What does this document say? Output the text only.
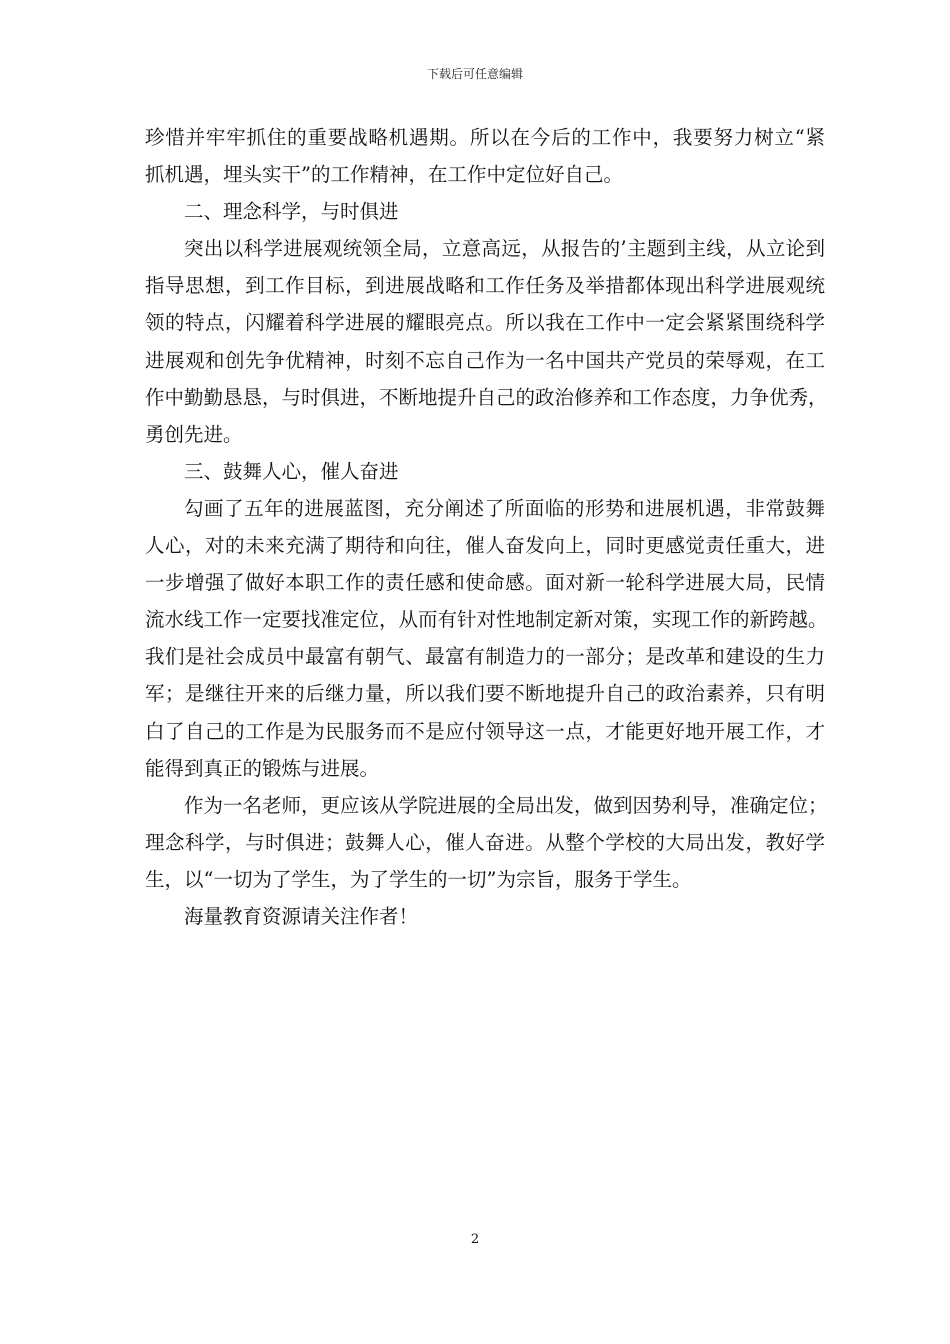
下载后可任意编辑
珍惜并牢牢抓住的重要战略机遇期。所以在今后的工作中，我要努力树立“紧
抓机遇，埋头实干”的工作精神，在工作中定位好自己。
二、理念科学，与时俱进
突出以科学进展观统领全局，立意高远，从报告的’主题到主线，从立论到
指导思想，到工作目标，到进展战略和工作任务及举措都体现出科学进展观统
领的特点，闪耀着科学进展的耀眼亮点。所以我在工作中一定会紧紧围绕科学
进展观和创先争优精神，时刻不忘自己作为一名中国共产党员的荣辱观，在工
作中勤勤恳恳，与时俱进，不断地提升自己的政治修养和工作态度，力争优秀，
勇创先进。
三、鼓舞人心，催人奋进
勾画了五年的进展蓝图，充分阐述了所面临的形势和进展机遇，非常鼓舞
人心，对的未来充满了期待和向往，催人奋发向上，同时更感觉责任重大，进
一步增强了做好本职工作的责任感和使命感。面对新一轮科学进展大局，民情
流水线工作一定要找准定位，从而有针对性地制定新对策，实现工作的新跨越。
我们是社会成员中最富有朝气、最富有制造力的一部分；是改革和建设的生力
军；是继往开来的后继力量，所以我们要不断地提升自己的政治素养，只有明
白了自己的工作是为民服务而不是应付领导这一点，才能更好地开展工作，才
能得到真正的锻炼与进展。
作为一名老师，更应该从学院进展的全局出发，做到因势利导，准确定位；
理念科学，与时俱进；鼓舞人心，催人奋进。从整个学校的大局出发，教好学
生，以“一切为了学生，为了学生的一切”为宗旨，服务于学生。
海量教育资源请关注作者！
2
